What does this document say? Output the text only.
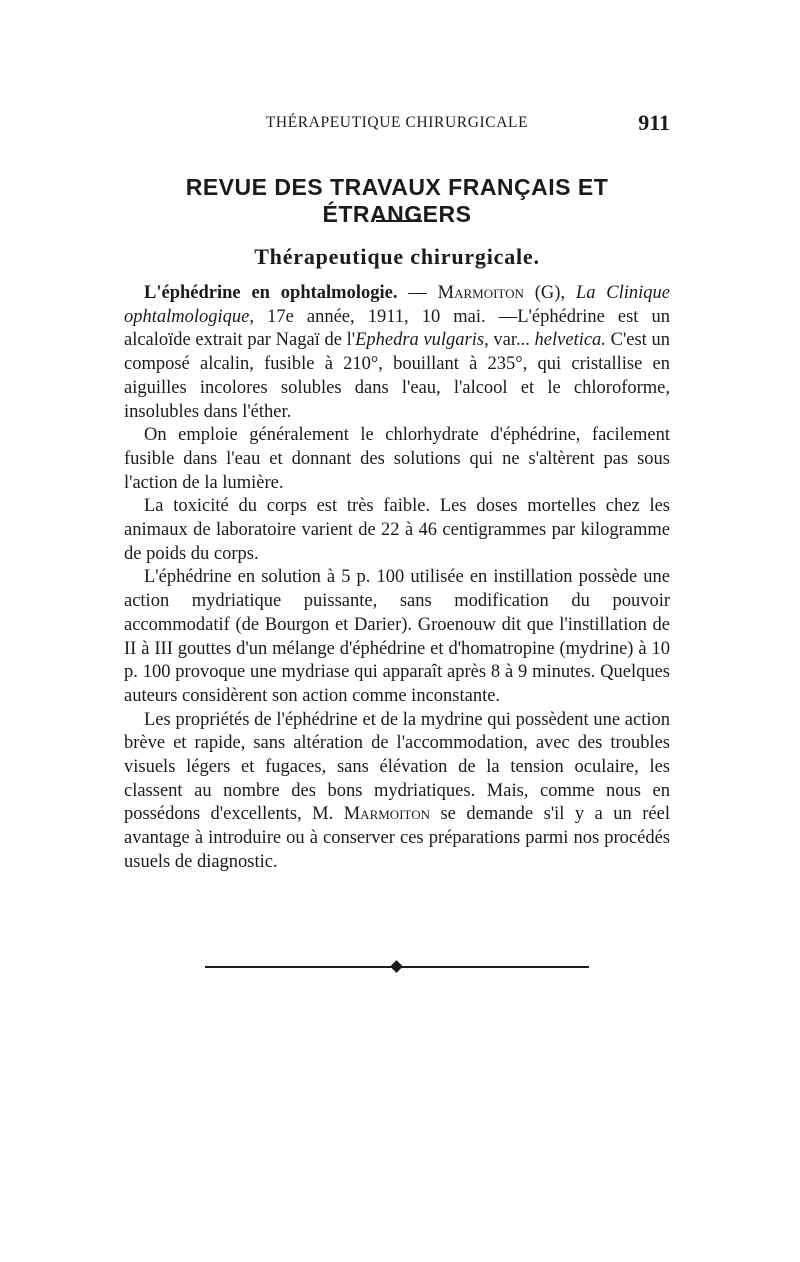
THÉRAPEUTIQUE CHIRURGICALE	911
REVUE DES TRAVAUX FRANÇAIS ET ÉTRANGERS
Thérapeutique chirurgicale.

L'éphédrine en ophtalmologie. — Marmoiton (G), La Clinique ophtalmologique, 17e année, 1911, 10 mai. —L'éphédrine est un alcaloïde extrait par Nagaï de l'Ephedra vulgaris, var... helvetica. C'est un composé alcalin, fusible à 210°, bouillant à 235°, qui cristallise en aiguilles incolores solubles dans l'eau, l'alcool et le chloroforme, insolubles dans l'éther.

On emploie généralement le chlorhydrate d'éphédrine, facilement fusible dans l'eau et donnant des solutions qui ne s'altèrent pas sous l'action de la lumière.

La toxicité du corps est très faible. Les doses mortelles chez les animaux de laboratoire varient de 22 à 46 centigrammes par kilogramme de poids du corps.

L'éphédrine en solution à 5 p. 100 utilisée en instillation possède une action mydriatique puissante, sans modification du pouvoir accommodatif (de Bourgon et Darier). Groenouw dit que l'instillation de II à III gouttes d'un mélange d'éphédrine et d'homatropine (mydrine) à 10 p. 100 provoque une mydriase qui apparaît après 8 à 9 minutes. Quelques auteurs considèrent son action comme inconstante.

Les propriétés de l'éphédrine et de la mydrine qui possèdent une action brève et rapide, sans altération de l'accommodation, avec des troubles visuels légers et fugaces, sans élévation de la tension oculaire, les classent au nombre des bons mydriatiques. Mais, comme nous en possédons d'excellents, M. Marmoiton se demande s'il y a un réel avantage à introduire ou à conserver ces préparations parmi nos procédés usuels de diagnostic.
